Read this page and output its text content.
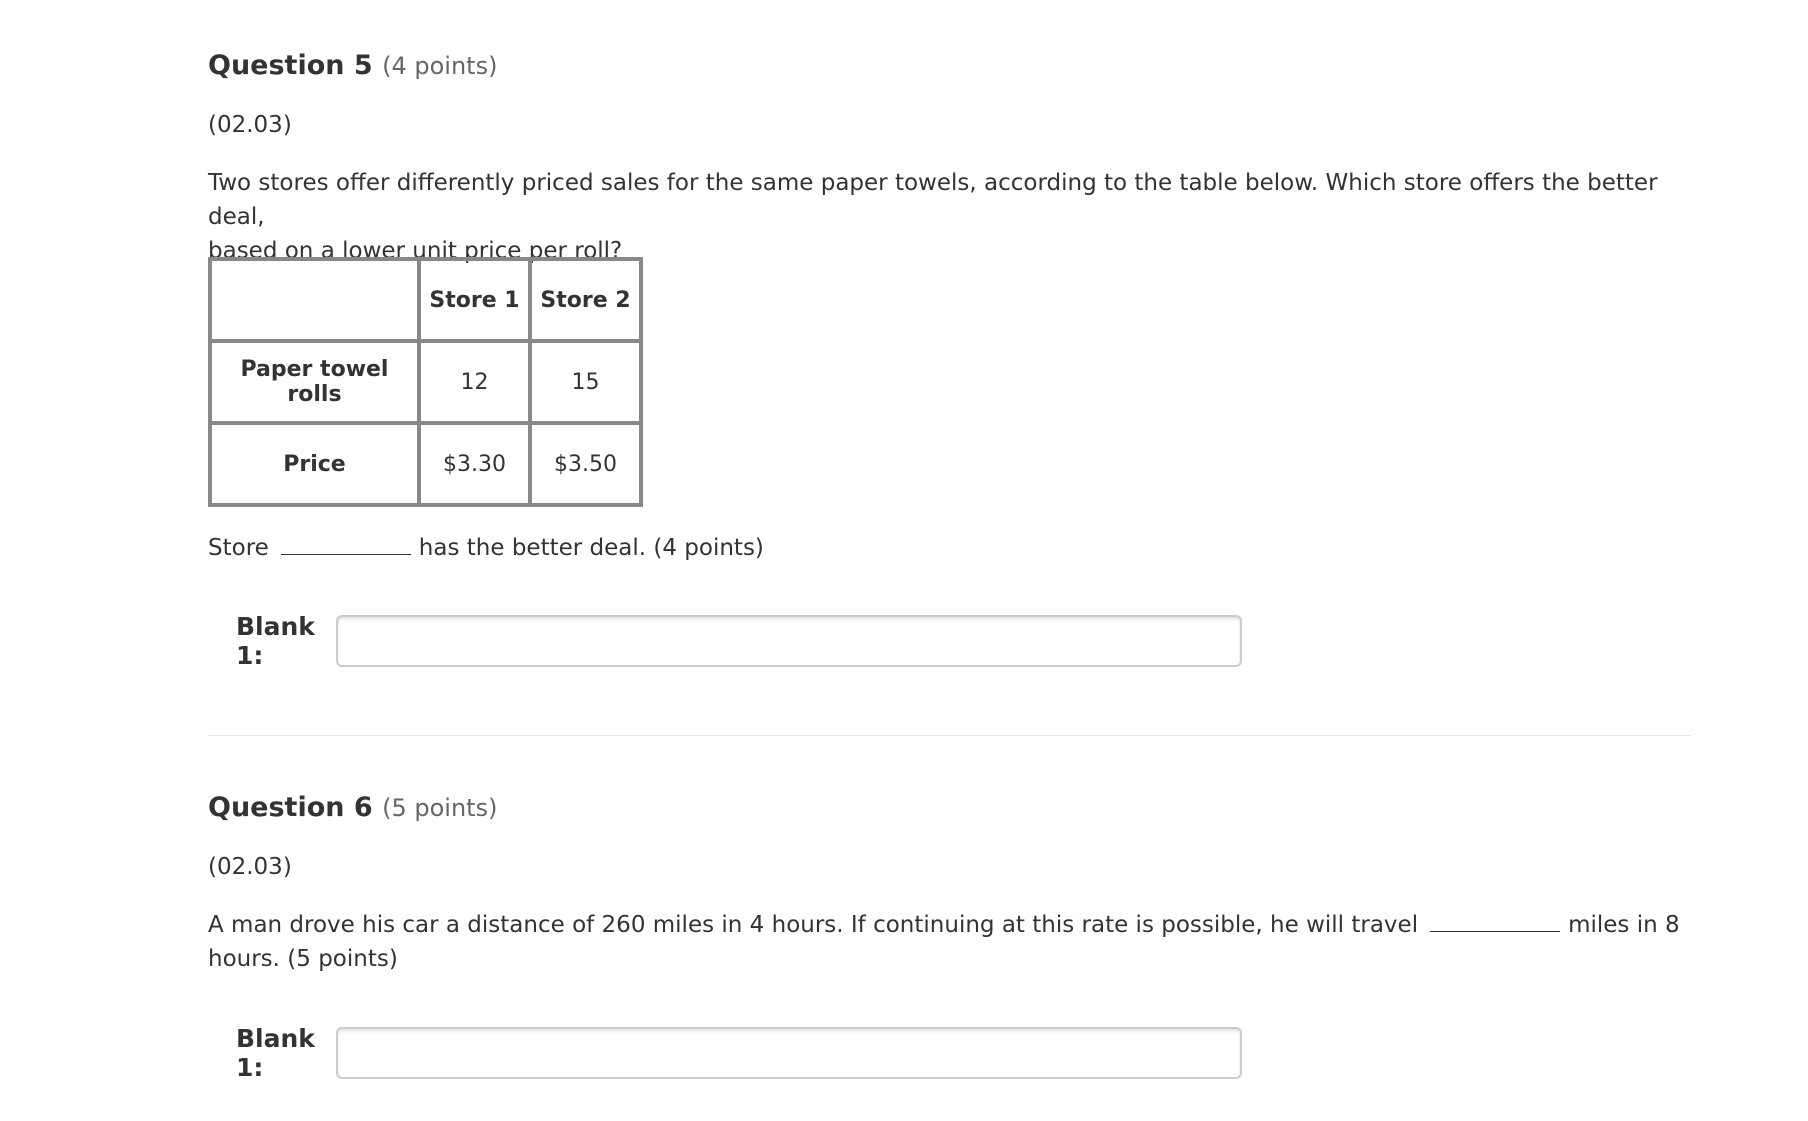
Question 5 (4 points)
(02.03)
Two stores offer differently priced sales for the same paper towels, according to the table below. Which store offers the better deal,
based on a lower unit price per roll?
	Store 1	Store 2
Paper towel rolls	12	15
Price	$3.30	$3.50
Store	has the better deal. (4 points)
Blank 1:
Question 6 (5 points)
(02.03)
A man drove his car a distance of 260 miles in 4 hours. If continuing at this rate is possible, he will travel	miles in 8
hours. (5 points)
Blank 1:
